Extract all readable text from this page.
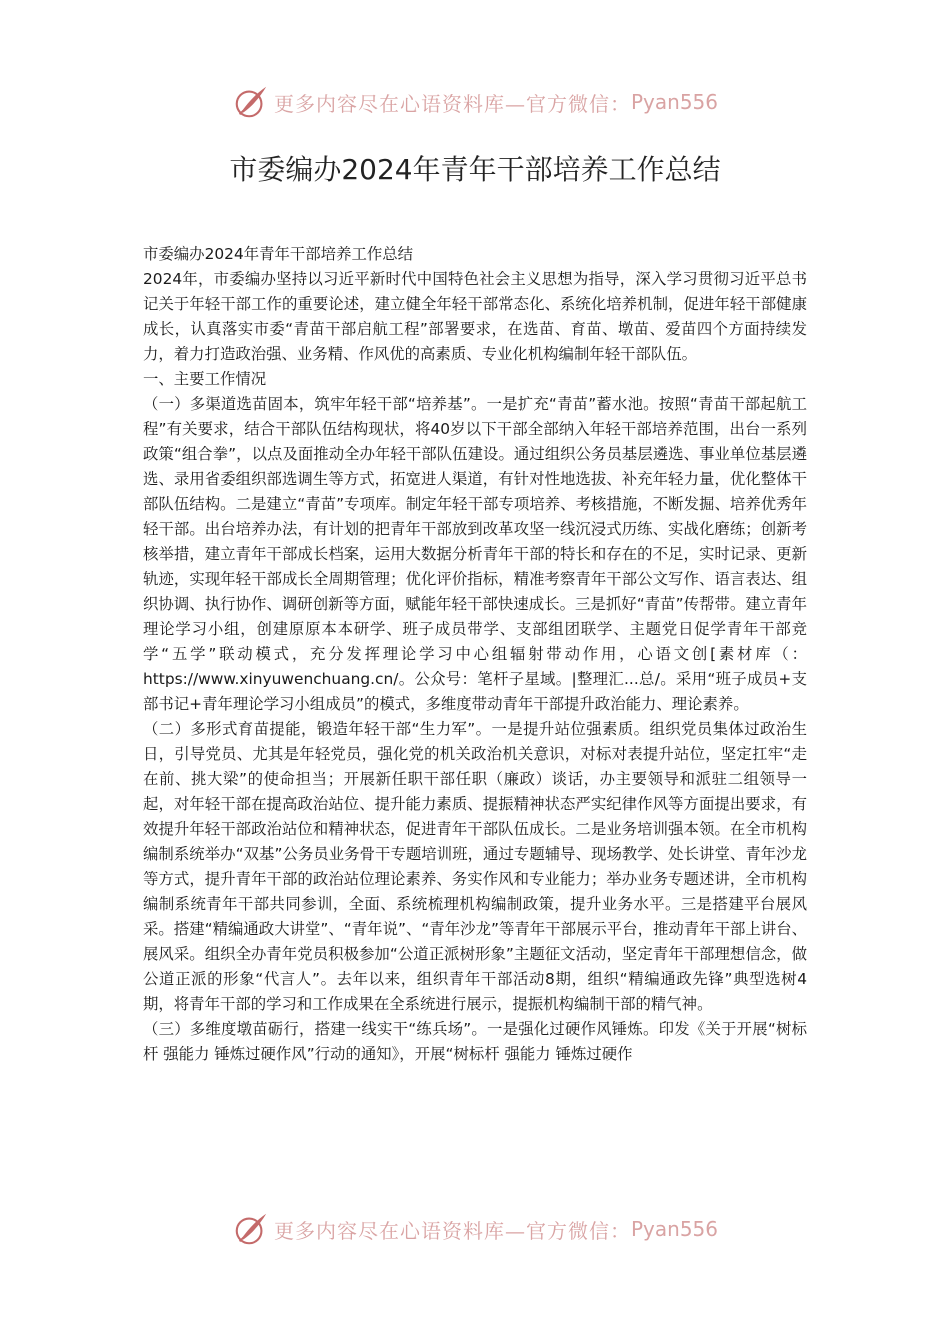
更多内容尽在心语资料库—官方微信： Pyan556
市委编办2024年青年干部培养工作总结

市委编办2024年青年干部培养工作总结

2024年，市委编办坚持以习近平新时代中国特色社会主义思想为指导，深入学习贯彻习近平总书记关于年轻干部工作的重要论述，建立健全年轻干部常态化、系统化培养机制，促进年轻干部健康成长，认真落实市委“青苗干部启航工程”部署要求，在选苗、育苗、墩苗、爱苗四个方面持续发力，着力打造政治强、业务精、作风优的高素质、专业化机构编制年轻干部队伍。

一、主要工作情况

（一）多渠道选苗固本，筑牢年轻干部“培养基”。一是扩充“青苗”蓄水池。按照“青苗干部起航工程”有关要求，结合干部队伍结构现状，将40岁以下干部全部纳入年轻干部培养范围，出台一系列政策“组合拳”，以点及面推动全办年轻干部队伍建设。通过组织公务员基层遴选、事业单位基层遴选、录用省委组织部选调生等方式，拓宽进人渠道，有针对性地选拔、补充年轻力量，优化整体干部队伍结构。二是建立“青苗”专项库。制定年轻干部专项培养、考核措施，不断发掘、培养优秀年轻干部。出台培养办法，有计划的把青年干部放到改革攻坚一线沉浸式历练、实战化磨练；创新考核举措，建立青年干部成长档案，运用大数据分析青年干部的特长和存在的不足，实时记录、更新轨迹，实现年轻干部成长全周期管理；优化评价指标，精准考察青年干部公文写作、语言表达、组织协调、执行协作、调研创新等方面，赋能年轻干部快速成长。三是抓好“青苗”传帮带。建立青年理论学习小组，创建原原本本研学、班子成员带学、支部组团联学、主题党日促学青年干部竞学“五学”联动模式，充分发挥理论学习中心组辐射带动作用，心语文创[素材库（：https://www.xinyuwenchuang.cn/。公众号：笔杆子星域。|整理汇...总/。采用“班子成员+支部书记+青年理论学习小组成员”的模式，多维度带动青年干部提升政治能力、理论素养。

（二）多形式育苗提能，锻造年轻干部“生力军”。一是提升站位强素质。组织党员集体过政治生日，引导党员、尤其是年轻党员，强化党的机关政治机关意识，对标对表提升站位，坚定扛牢“走在前、挑大梁”的使命担当；开展新任职干部任职（廉政）谈话，办主要领导和派驻二组领导一起，对年轻干部在提高政治站位、提升能力素质、提振精神状态严实纪律作风等方面提出要求，有效提升年轻干部政治站位和精神状态，促进青年干部队伍成长。二是业务培训强本领。在全市机构编制系统举办“双基”公务员业务骨干专题培训班，通过专题辅导、现场教学、处长讲堂、青年沙龙等方式，提升青年干部的政治站位理论素养、务实作风和专业能力；举办业务专题述讲，全市机构编制系统青年干部共同参训，全面、系统梳理机构编制政策，提升业务水平。三是搭建平台展风采。搭建“精编通政大讲堂”、“青年说”、“青年沙龙”等青年干部展示平台，推动青年干部上讲台、展风采。组织全办青年党员积极参加“公道正派树形象”主题征文活动，坚定青年干部理想信念，做公道正派的形象“代言人”。去年以来，组织青年干部活动8期，组织“精编通政先锋”典型选树4期，将青年干部的学习和工作成果在全系统进行展示，提振机构编制干部的精气神。

（三）多维度墩苗砺行，搭建一线实干“练兵场”。一是强化过硬作风锤炼。印发《关于开展“树标杆 强能力 锤炼过硬作风”行动的通知》，开展“树标杆 强能力 锤炼过硬作

更多内容尽在心语资料库—官方微信： Pyan556
